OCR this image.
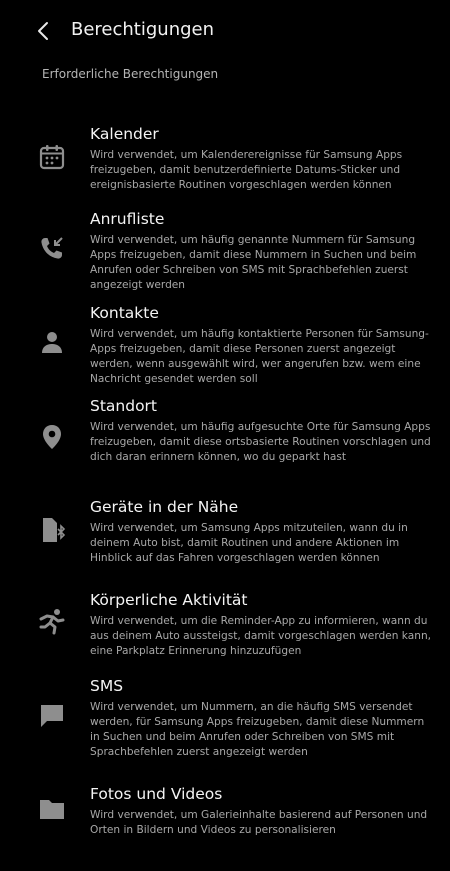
Berechtigungen
Erforderliche Berechtigungen
Kalender
Wird verwendet, um Kalenderereignisse für Samsung Apps freizugeben, damit benutzerdefinierte Datums-Sticker und ereignisbasierte Routinen vorgeschlagen werden können
Anrufliste
Wird verwendet, um häufig genannte Nummern für Samsung Apps freizugeben, damit diese Nummern in Suchen und beim Anrufen oder Schreiben von SMS mit Sprachbefehlen zuerst angezeigt werden
Kontakte
Wird verwendet, um häufig kontaktierte Personen für Samsung-Apps freizugeben, damit diese Personen zuerst angezeigt werden, wenn ausgewählt wird, wer angerufen bzw. wem eine Nachricht gesendet werden soll
Standort
Wird verwendet, um häufig aufgesuchte Orte für Samsung Apps freizugeben, damit diese ortsbasierte Routinen vorschlagen und dich daran erinnern können, wo du geparkt hast
Geräte in der Nähe
Wird verwendet, um Samsung Apps mitzuteilen, wann du in deinem Auto bist, damit Routinen und andere Aktionen im Hinblick auf das Fahren vorgeschlagen werden können
Körperliche Aktivität
Wird verwendet, um die Reminder-App zu informieren, wann du aus deinem Auto aussteigst, damit vorgeschlagen werden kann, eine Parkplatz Erinnerung hinzuzufügen
SMS
Wird verwendet, um Nummern, an die häufig SMS versendet werden, für Samsung Apps freizugeben, damit diese Nummern in Suchen und beim Anrufen oder Schreiben von SMS mit Sprachbefehlen zuerst angezeigt werden
Fotos und Videos
Wird verwendet, um Galerieinhalte basierend auf Personen und Orten in Bildern und Videos zu personalisieren
